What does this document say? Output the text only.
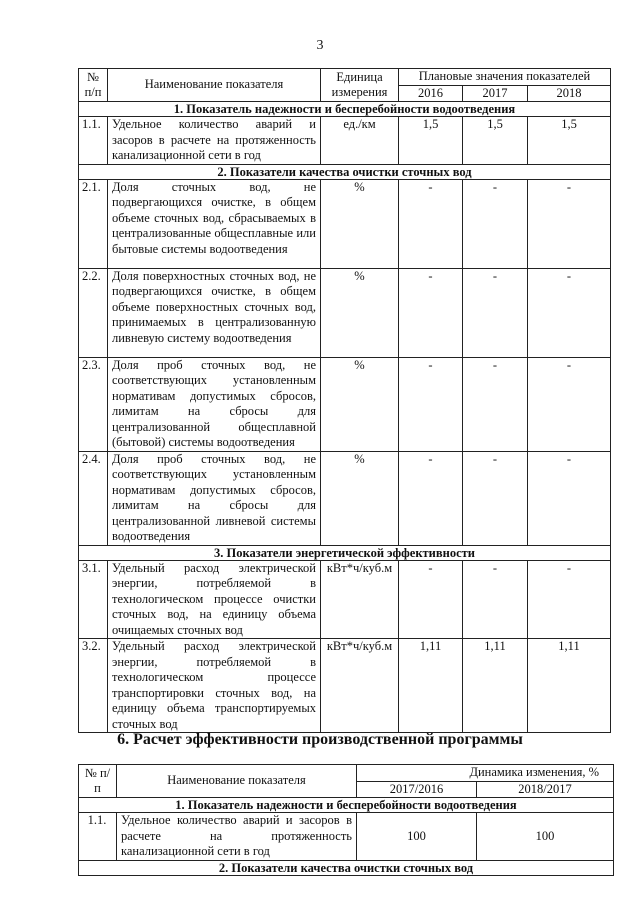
3
№ п/п	Наименование показателя	Единица измерения	Плановые значения показателей		
			2016	2017	2018
1. Показатель надежности и бесперебойности водоотведения					
1.1.	Удельное количество аварий и засоров в расчете на протяженность канализационной сети в год	ед./км	1,5	1,5	1,5
2. Показатели качества очистки сточных вод					
2.1.	Доля сточных вод, не подвергающихся очистке, в общем объеме сточных вод, сбрасываемых в централизованные общесплавные или бытовые системы водоотведения	%	-	-	-
2.2.	Доля поверхностных сточных вод, не подвергающихся очистке, в общем объеме поверхностных сточных вод, принимаемых в централизованную ливневую систему водоотведения	%	-	-	-
2.3.	Доля проб сточных вод, не соответствующих установленным нормативам допустимых сбросов, лимитам на сбросы для централизованной общесплавной (бытовой) системы водоотведения	%	-	-	-
2.4.	Доля проб сточных вод, не соответствующих установленным нормативам допустимых сбросов, лимитам на сбросы для централизованной ливневой системы водоотведения	%	-	-	-
3. Показатели энергетической эффективности					
3.1.	Удельный расход электрической энергии, потребляемой в технологическом процессе очистки сточных вод, на единицу объема очищаемых сточных вод	кВт*ч/куб.м	-	-	-
3.2.	Удельный расход электрической энергии, потребляемой в технологическом процессе транспортировки сточных вод, на единицу объема транспортируемых сточных вод	кВт*ч/куб.м	1,11	1,11	1,11
6. Расчет эффективности производственной программы
№ п/п	Наименование показателя	Динамика изменения, %	
		2017/2016	2018/2017
1. Показатель надежности и бесперебойности водоотведения			
1.1.	Удельное количество аварий и засоров в расчете на протяженность канализационной сети в год	100	100
2. Показатели качества очистки сточных вод			
